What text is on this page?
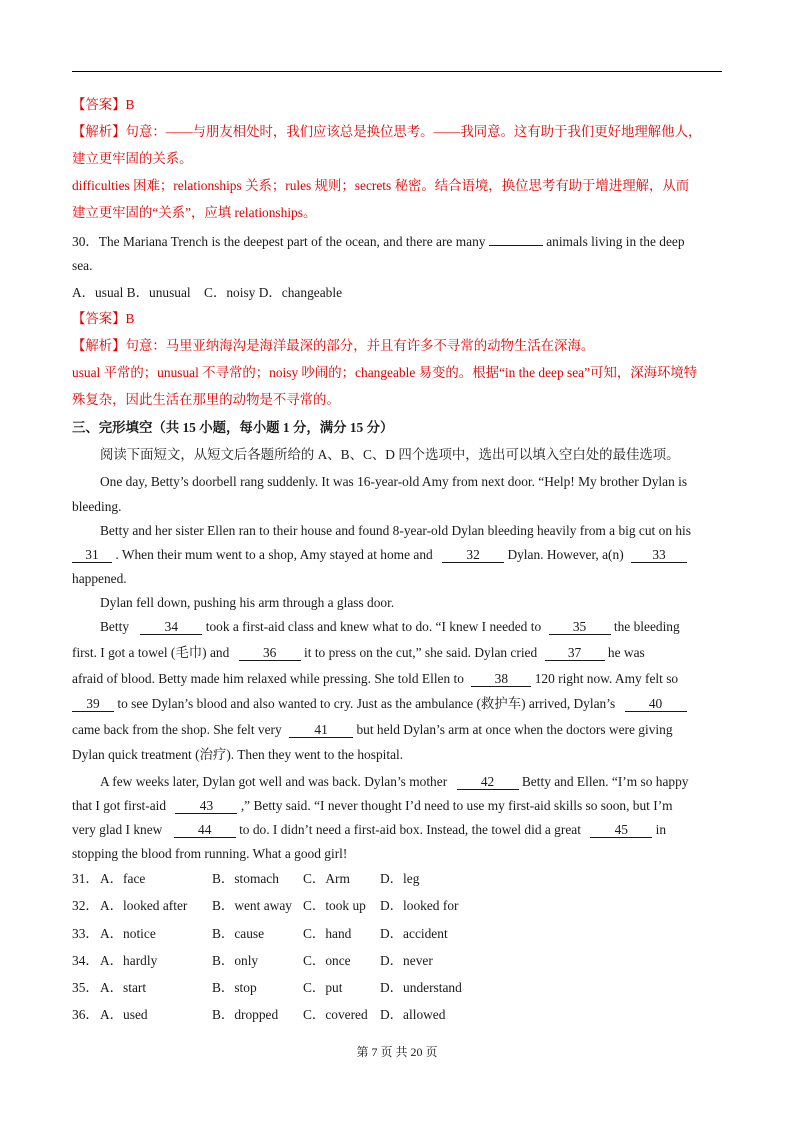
【答案】B
【解析】句意：——与朋友相处时，我们应该总是换位思考。——我同意。这有助于我们更好地理解他人，
建立更牢固的关系。
difficulties 困难；relationships 关系；rules 规则；secrets 秘密。结合语境，换位思考有助于增进理解，从而
建立更牢固的“关系”，应填 relationships。
30．The Mariana Trench is the deepest part of the ocean, and there are many	animals living in the deep
sea.
A．usual B．unusual　C．noisy D．changeable
【答案】B
【解析】句意：马里亚纳海沟是海洋最深的部分，并且有许多不寻常的动物生活在深海。
usual 平常的；unusual 不寻常的；noisy 吵闹的；changeable 易变的。根据“in the deep sea”可知，深海环境特
殊复杂，因此生活在那里的动物是不寻常的。
三、完形填空（共 15 小题，每小题 1 分，满分 15 分）
阅读下面短文，从短文后各题所给的 A、B、C、D 四个选项中，选出可以填入空白处的最佳选项。
One day, Betty’s doorbell rang suddenly. It was 16-year-old Amy from next door. “Help! My brother Dylan is
bleeding.
Betty and her sister Ellen ran to their house and found 8-year-old Dylan bleeding heavily from a big cut on his
31 . When their mum went to a shop, Amy stayed at home and	32 Dylan. However, a(n) 33
happened.
Dylan fell down, pushing his arm through a glass door.
Betty	34 took a first-aid class and knew what to do. “I knew I needed to 35 the bleeding
first. I got a towel (毛巾) and	36 it to press on the cut,” she said. Dylan cried 37 he was
afraid of blood. Betty made him relaxed while pressing. She told Ellen to 38 120 right now. Amy felt so
39 to see Dylan’s blood and also wanted to cry. Just as the ambulance (救护车) arrived, Dylan’s	40
came back from the shop. She felt very 41 but held Dylan’s arm at once when the doctors were giving
Dylan quick treatment (治疗). Then they went to the hospital.
A few weeks later, Dylan got well and was back. Dylan’s mother	42 Betty and Ellen. “I’m so happy
that I got first-aid	43 ,” Betty said. “I never thought I’d need to use my first-aid skills so soon, but I’m
very glad I knew	44 to do. I didn’t need a first-aid box. Instead, the towel did a great	45 in
stopping the blood from running. What a good girl!
31． A．face	B．stomach C．Arm D．leg
32． A．looked after B．went away C．took up D．looked for
33． A．notice	B．cause	C．hand D．accident
34． A．hardly	B．only	C．once D．never
35． A．start	B．stop	C．put	D．understand
36． A．used	B．dropped C．covered D．allowed
第 7 页 共 20 页
